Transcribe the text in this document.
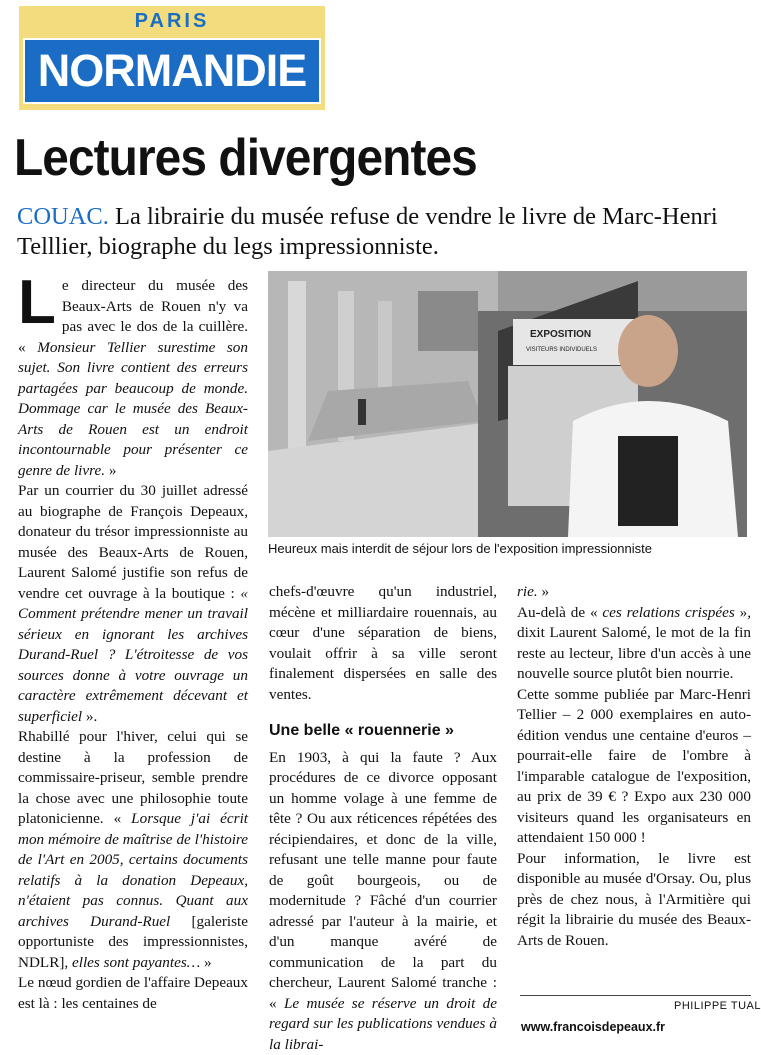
PARIS
NORMANDIE
Lectures divergentes
COUAC. La librairie du musée refuse de vendre le livre de Marc-Henri Telllier, biographe du legs impressionniste.

Le directeur du musée des Beaux-Arts de Rouen n'y va pas avec le dos de la cuillère. « Monsieur Tellier surestime son sujet. Son livre contient des erreurs partagées par beaucoup de monde. Dommage car le musée des Beaux-Arts de Rouen est un endroit incontournable pour présenter ce genre de livre. »

Par un courrier du 30 juillet adressé au biographe de François Depeaux, donateur du trésor impressionniste au musée des Beaux-Arts de Rouen, Laurent Salomé justifie son refus de vendre cet ouvrage à la boutique : « Comment prétendre mener un travail sérieux en ignorant les archives Durand-Ruel ? L'étroitesse de vos sources donne à votre ouvrage un caractère extrêmement décevant et superficiel ».

Rhabillé pour l'hiver, celui qui se destine à la profession de commissaire-priseur, semble prendre la chose avec une philosophie toute platonicienne. « Lorsque j'ai écrit mon mémoire de maîtrise de l'histoire de l'Art en 2005, certains documents relatifs à la donation Depeaux, n'étaient pas connus. Quant aux archives Durand-Ruel [galeriste opportuniste des impressionnistes, NDLR], elles sont payantes… »

Le nœud gordien de l'affaire Depeaux est là : les centaines de

EXPOSITION
VISITEURS INDIVIDUELS
Heureux mais interdit de séjour lors de l'exposition impressionniste

chefs-d'œuvre qu'un industriel, mécène et milliardaire rouennais, au cœur d'une séparation de biens, voulait offrir à sa ville seront finalement dispersées en salle des ventes.

Une belle « rouennerie »

En 1903, à qui la faute ? Aux procédures de ce divorce opposant un homme volage à une femme de tête ? Ou aux réticences répétées des récipiendaires, et donc de la ville, refusant une telle manne pour faute de goût bourgeois, ou de modernitude ? Fâché d'un courrier adressé par l'auteur à la mairie, et d'un manque avéré de communication de la part du chercheur, Laurent Salomé tranche : « Le musée se réserve un droit de regard sur les publications vendues à la librai-

rie. »

Au-delà de « ces relations crispées », dixit Laurent Salomé, le mot de la fin reste au lecteur, libre d'un accès à une nouvelle source plutôt bien nourrie.

Cette somme publiée par Marc-Henri Tellier – 2 000 exemplaires en auto-édition vendus une centaine d'euros – pourrait-elle faire de l'ombre à l'imparable catalogue de l'exposition, au prix de 39 € ? Expo aux 230 000 visiteurs quand les organisateurs en attendaient 150 000 !

Pour information, le livre est disponible au musée d'Orsay. Ou, plus près de chez nous, à l'Armitière qui régit la librairie du musée des Beaux-Arts de Rouen.

PHILIPPE TUAL
www.francoisdepeaux.fr
